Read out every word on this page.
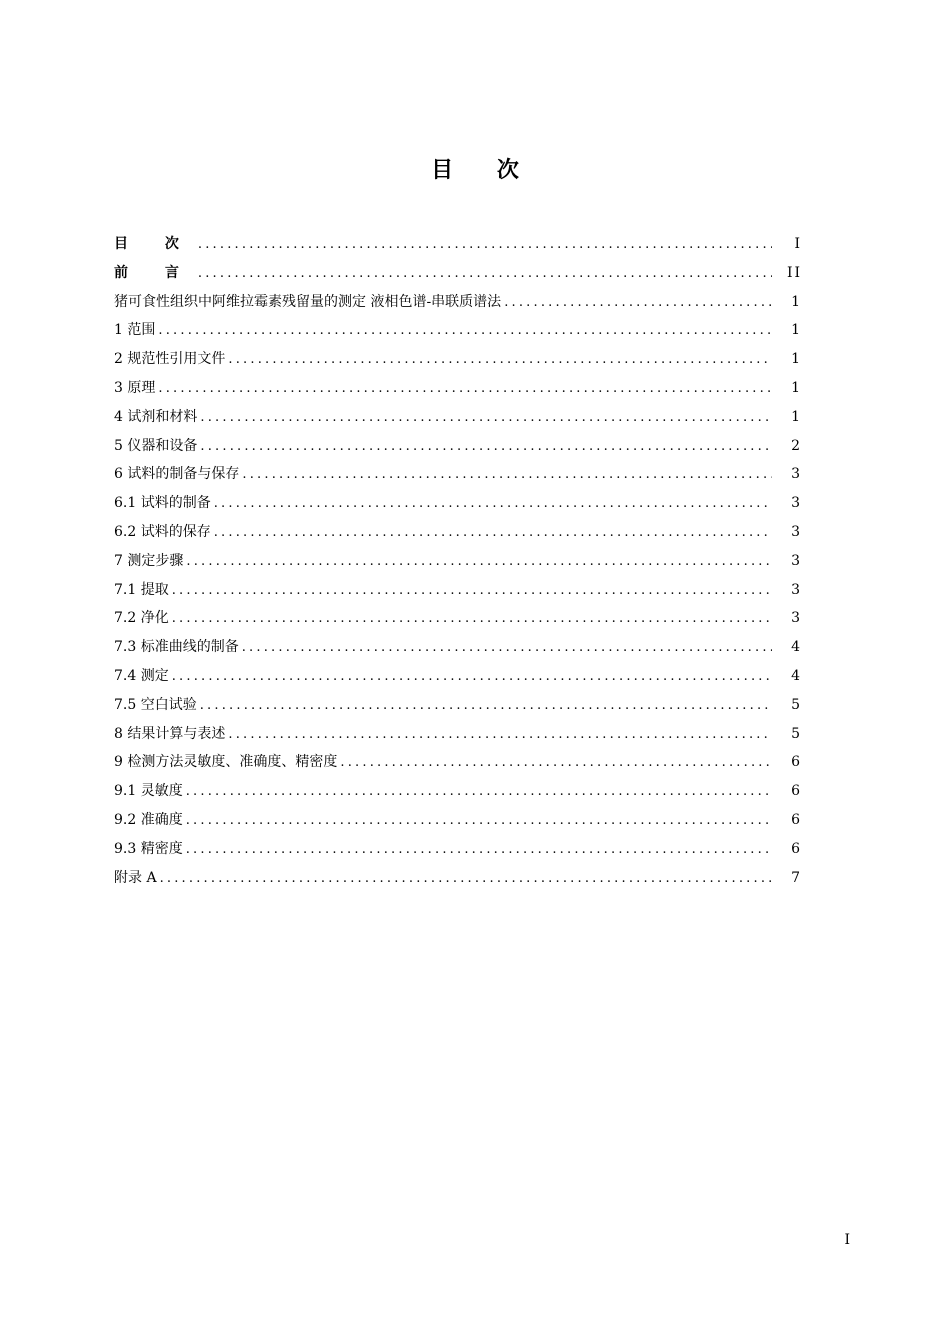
目 次
目 次 .....	I
前 言 .....	II
猪可食性组织中阿维拉霉素残留量的测定 液相色谱-串联质谱法 .....	1
1 范围 .....	1
2 规范性引用文件 .....	1
3 原理 .....	1
4 试剂和材料 .....	1
5 仪器和设备 .....	2
6 试料的制备与保存 .....	3
6.1 试料的制备 .....	3
6.2 试料的保存 .....	3
7 测定步骤 .....	3
7.1 提取 .....	3
7.2 净化 .....	3
7.3 标准曲线的制备 .....	4
7.4 测定 .....	4
7.5 空白试验 .....	5
8 结果计算与表述 .....	5
9 检测方法灵敏度、准确度、精密度 .....	6
9.1 灵敏度 .....	6
9.2 准确度 .....	6
9.3 精密度 .....	6
附录 A .....	7
I
